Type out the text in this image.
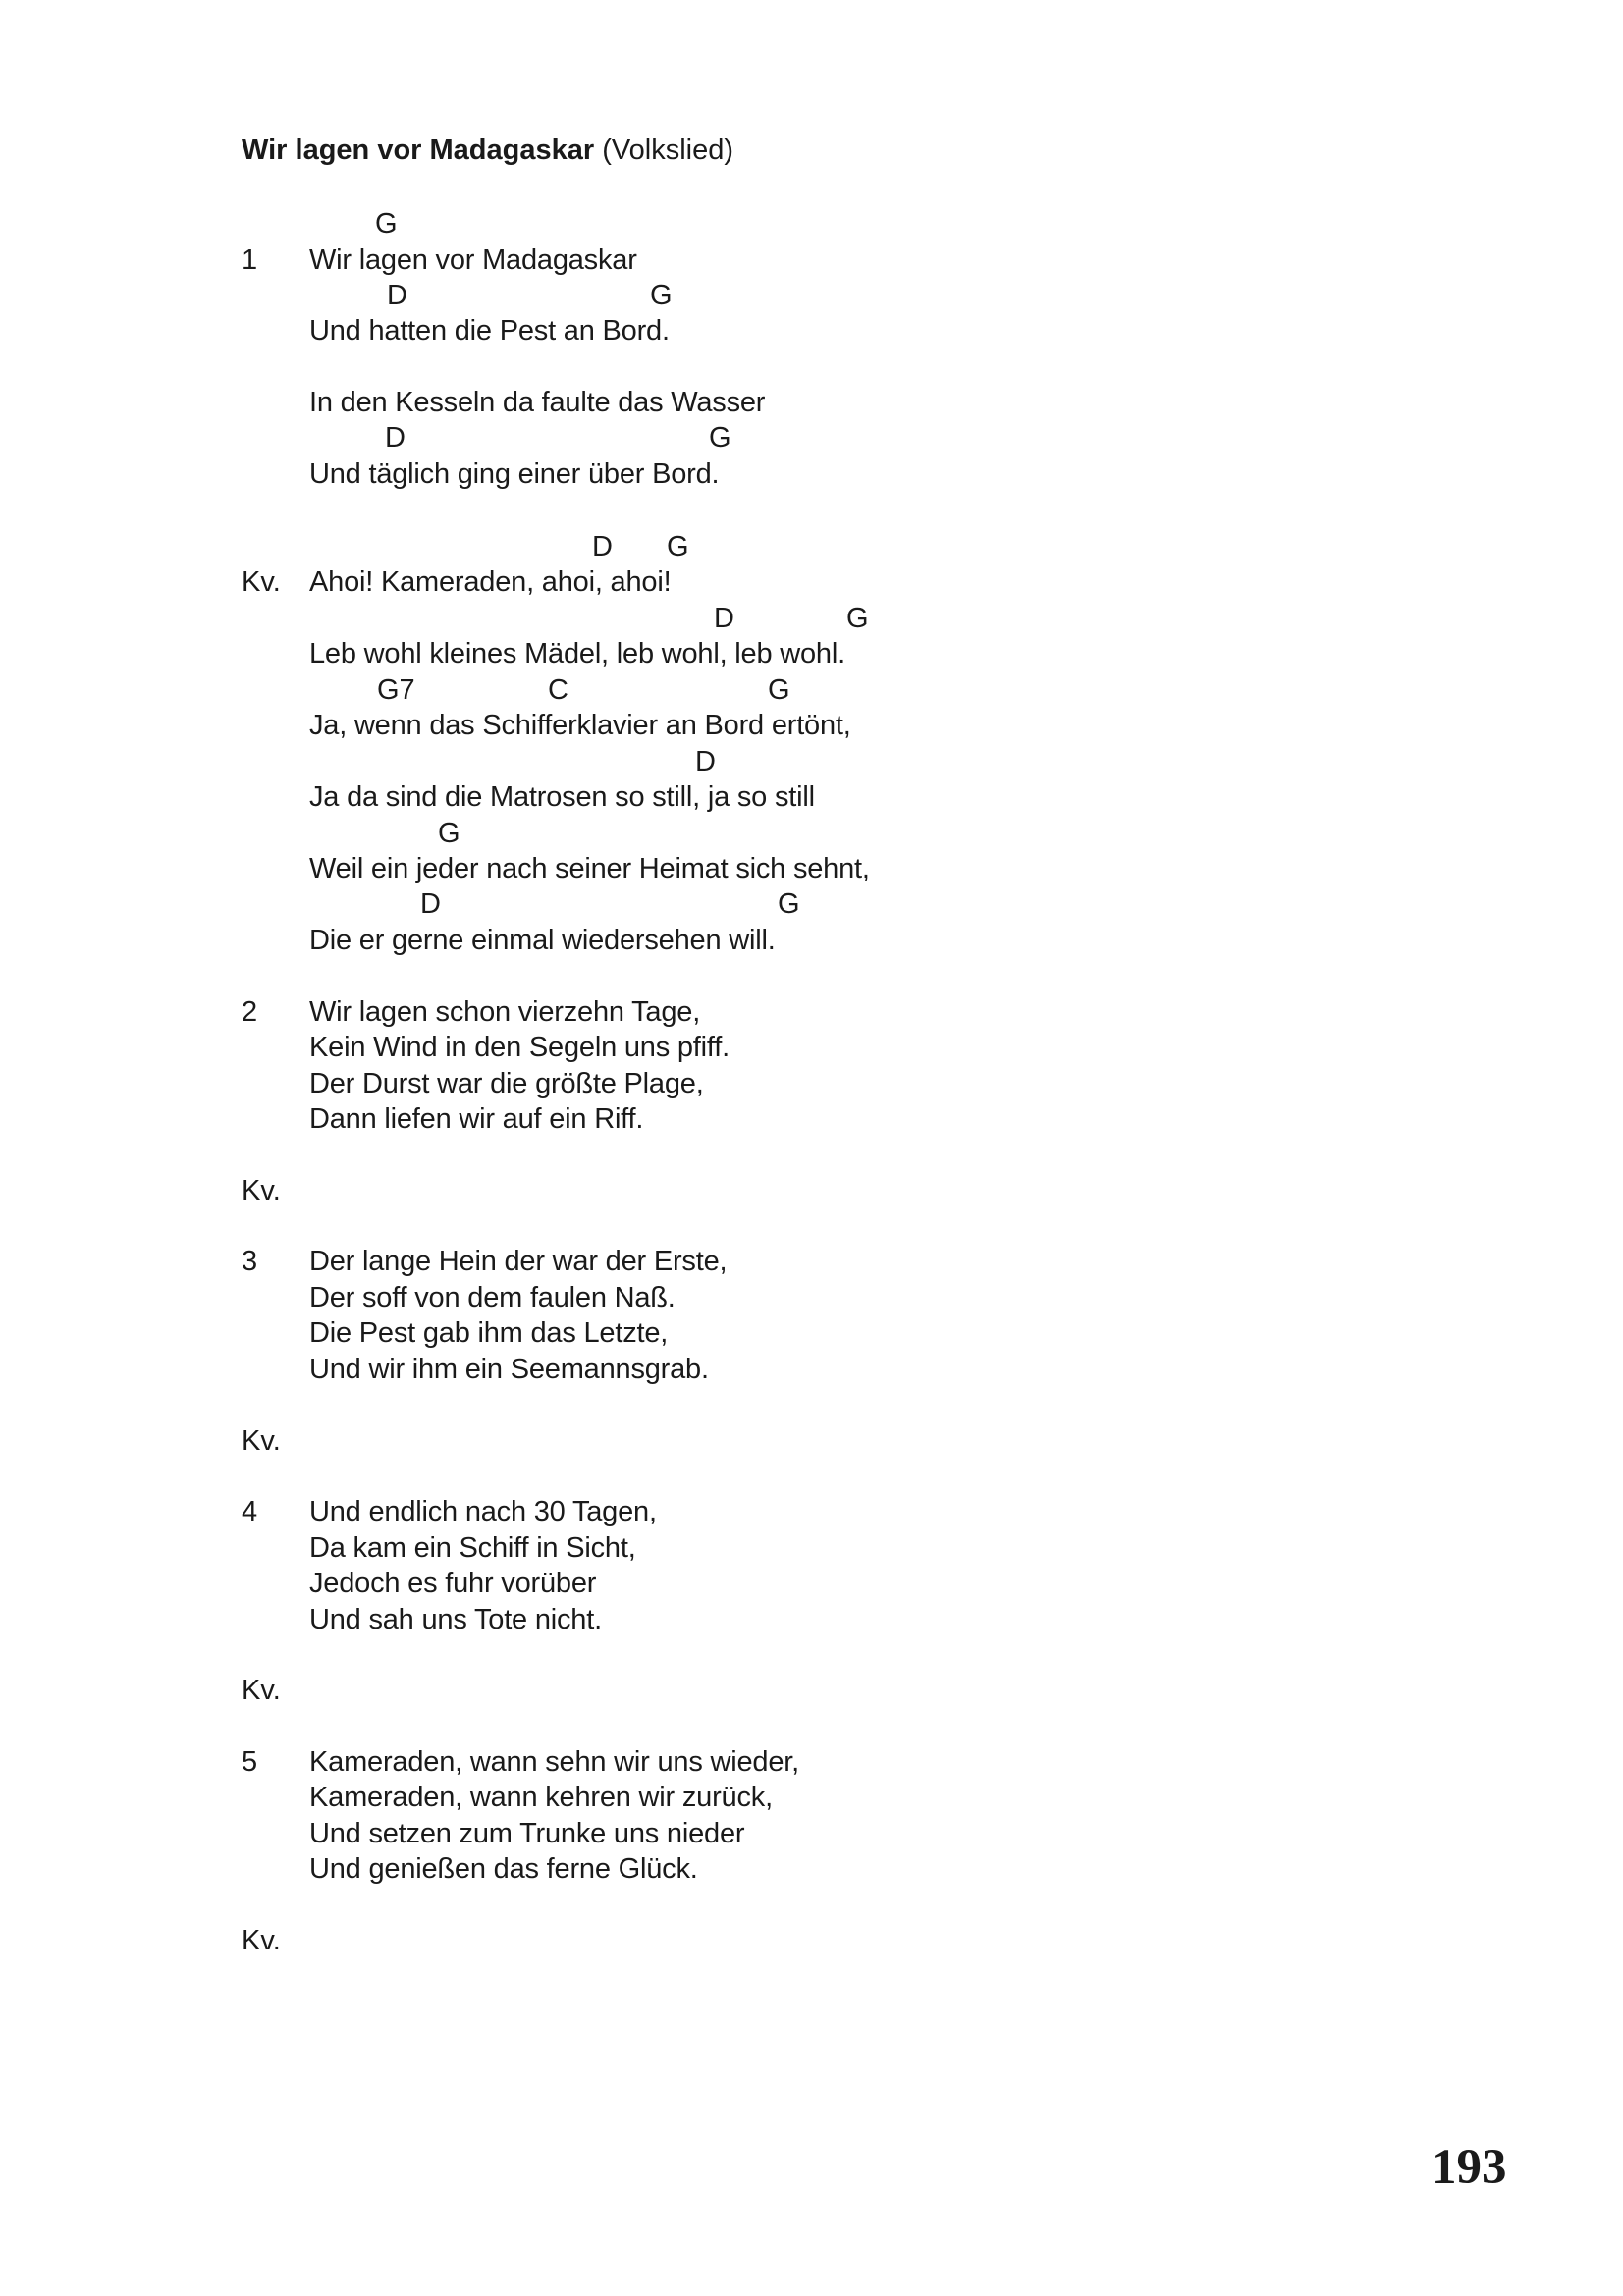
Wir lagen vor Madagaskar (Volkslied)
G
1 Wir lagen vor Madagaskar
D	G
Und hatten die Pest an Bord.
In den Kesseln da faulte das Wasser
D	G
Und täglich ging einer über Bord.
D G
Kv. Ahoi! Kameraden, ahoi, ahoi!
D	G
Leb wohl kleines Mädel, leb wohl, leb wohl.
G7	C	G
Ja, wenn das Schifferklavier an Bord ertönt,
D
Ja da sind die Matrosen so still, ja so still
G
Weil ein jeder nach seiner Heimat sich sehnt,
D	G
Die er gerne einmal wiedersehen will.
2 Wir lagen schon vierzehn Tage,
Kein Wind in den Segeln uns pfiff.
Der Durst war die größte Plage,
Dann liefen wir auf ein Riff.
Kv.
3 Der lange Hein der war der Erste,
Der soff von dem faulen Naß.
Die Pest gab ihm das Letzte,
Und wir ihm ein Seemannsgrab.
Kv.
4 Und endlich nach 30 Tagen,
Da kam ein Schiff in Sicht,
Jedoch es fuhr vorüber
Und sah uns Tote nicht.
Kv.
5 Kameraden, wann sehn wir uns wieder,
Kameraden, wann kehren wir zurück,
Und setzen zum Trunke uns nieder
Und genießen das ferne Glück.
Kv.
193
